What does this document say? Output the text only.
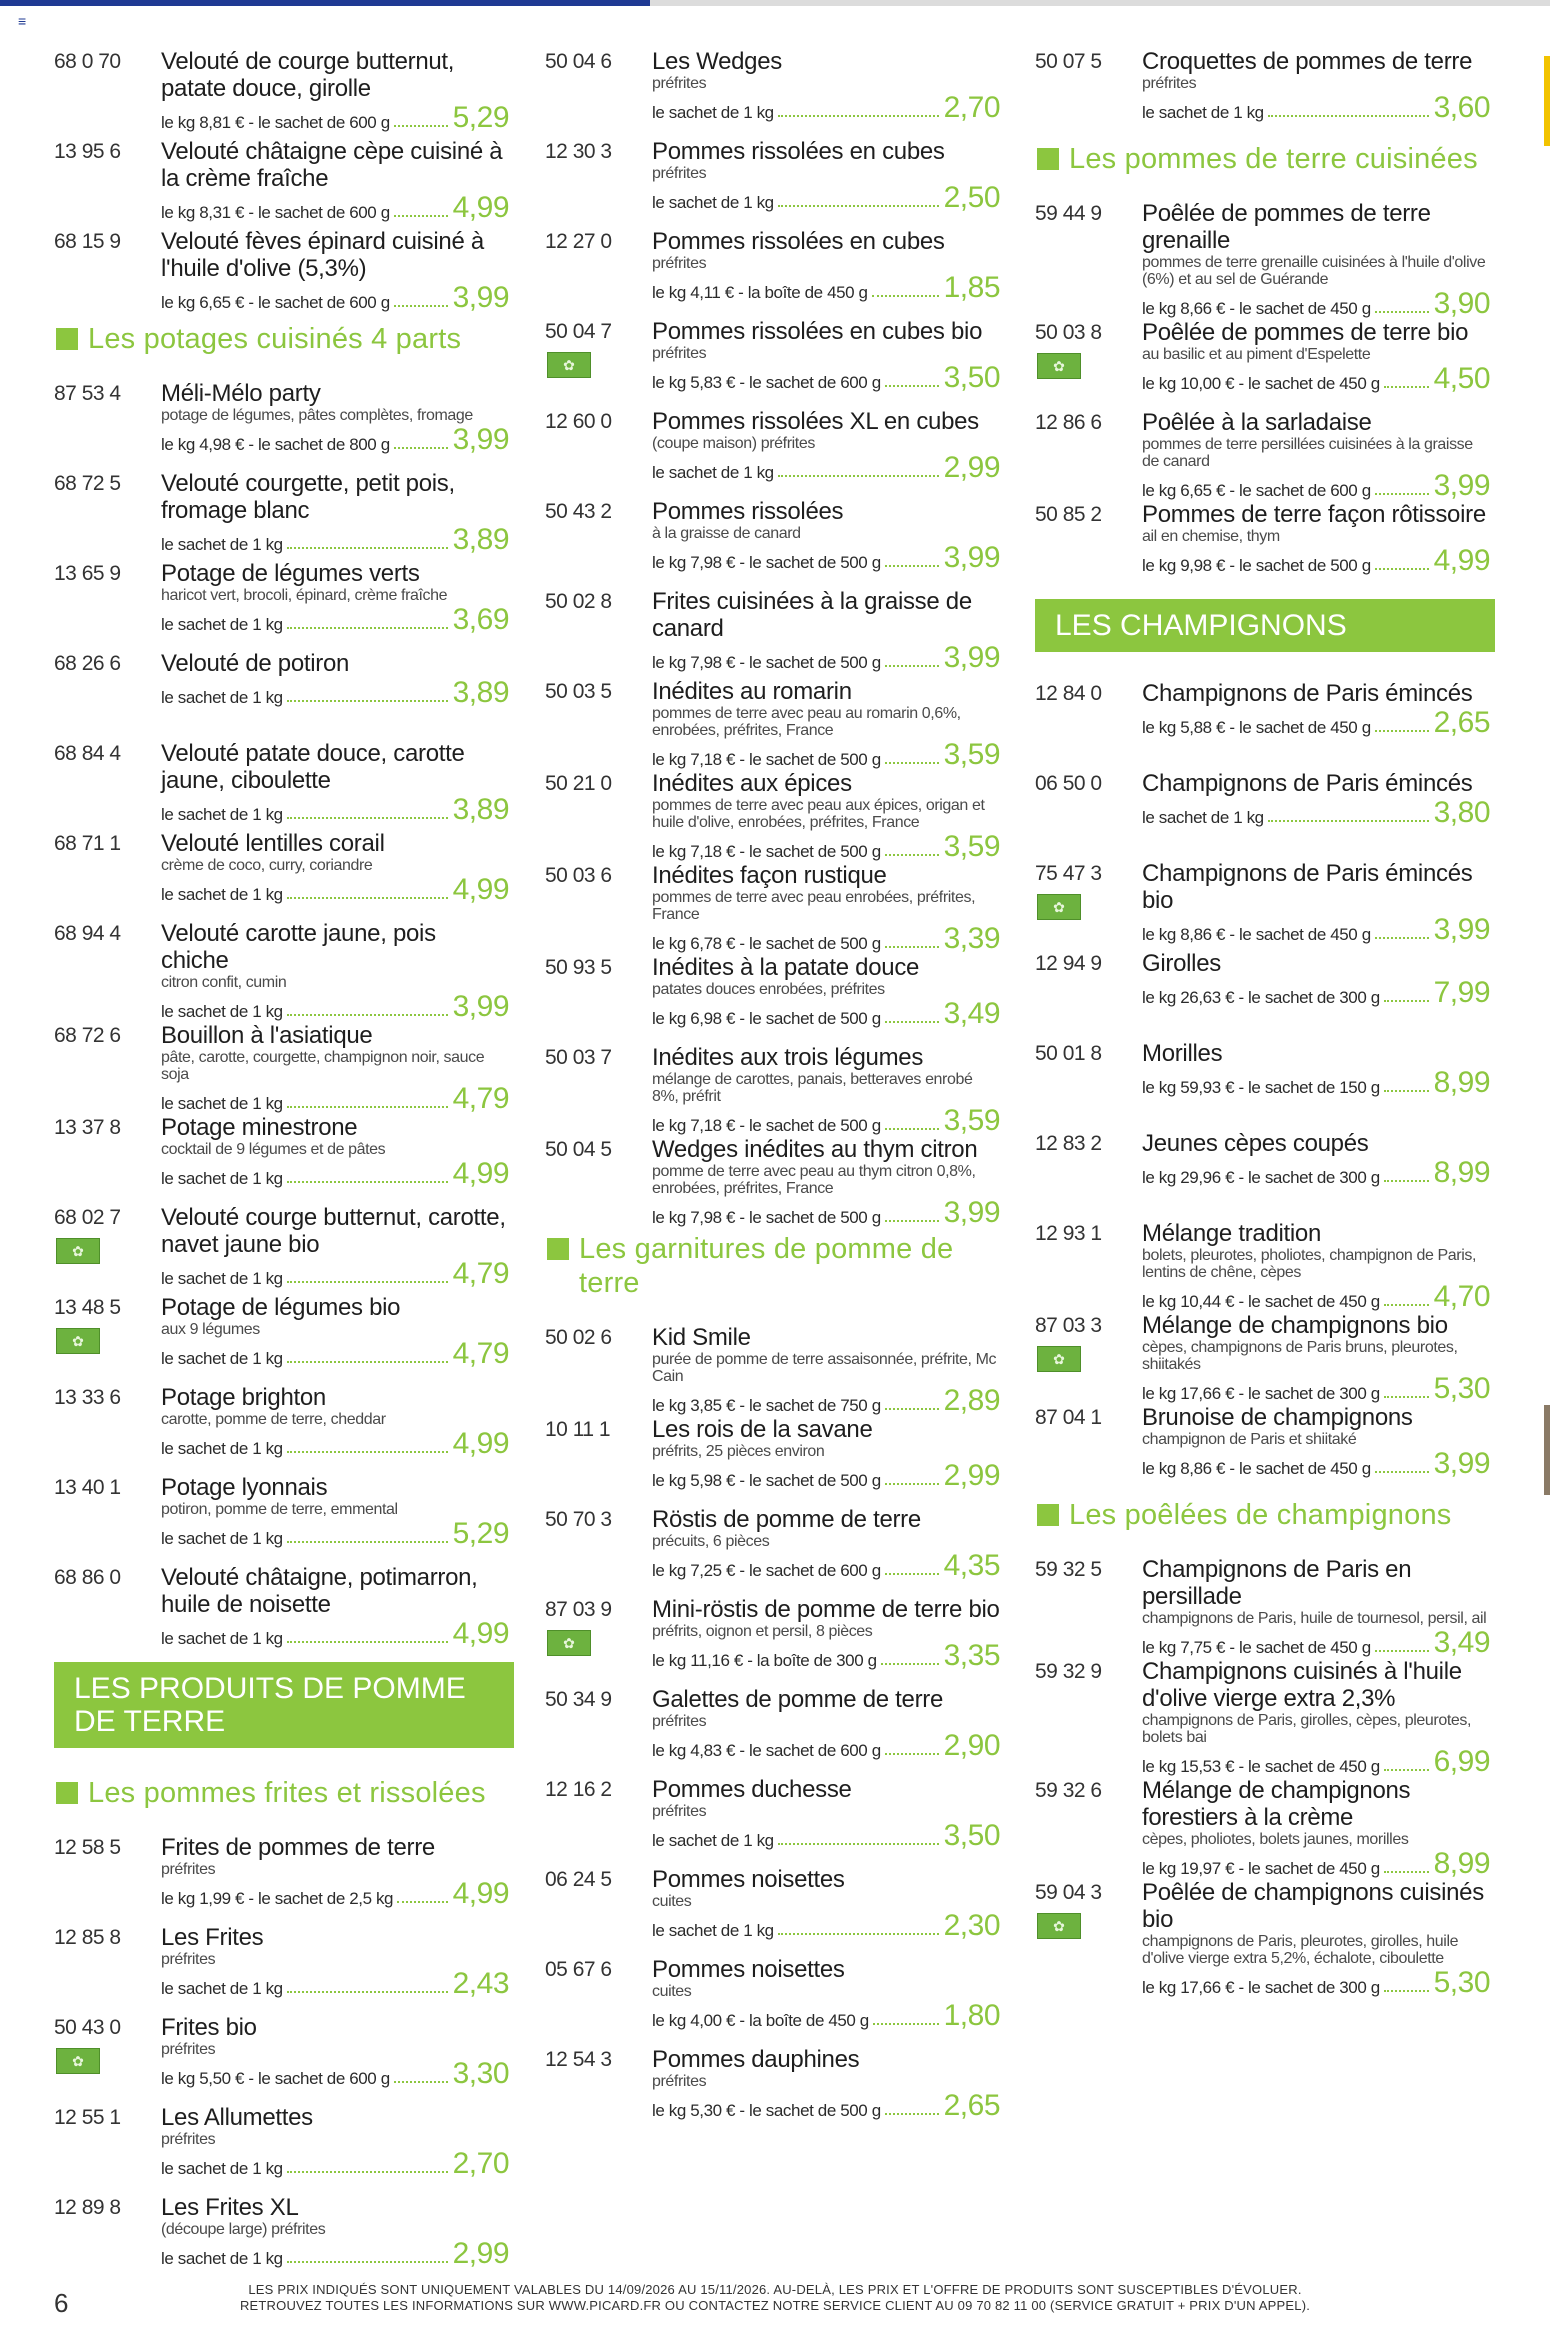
≡
68 0 70	Velouté de courge butternut, patate douce, girolle
le kg 8,81 € - le sachet de 600 g 5,29
13 95 6	Velouté châtaigne cèpe cuisiné à la crème fraîche
le kg 8,31 € - le sachet de 600 g 4,99
68 15 9	Velouté fèves épinard cuisiné à l'huile d'olive (5,3%)
le kg 6,65 € - le sachet de 600 g 3,99
Les potages cuisinés 4 parts
87 53 4	Méli-Mélo party
potage de légumes, pâtes complètes, fromage
le kg 4,98 € - le sachet de 800 g 3,99
68 72 5	Velouté courgette, petit pois, fromage blanc
le sachet de 1 kg	3,89
13 65 9	Potage de légumes verts
haricot vert, brocoli, épinard, crème fraîche
le sachet de 1 kg	3,69
68 26 6	Velouté de potiron
le sachet de 1 kg	3,89
68 84 4	Velouté patate douce, carotte jaune, ciboulette
le sachet de 1 kg	3,89
68 71 1	Velouté lentilles corail
crème de coco, curry, coriandre
le sachet de 1 kg	4,99
68 94 4	Velouté carotte jaune, pois chiche
citron confit, cumin
le sachet de 1 kg	3,99
68 72 6	Bouillon à l'asiatique
pâte, carotte, courgette, champignon noir, sauce soja
le sachet de 1 kg	4,79
13 37 8	Potage minestrone
cocktail de 9 légumes et de pâtes
le sachet de 1 kg	4,99
68 02 7
✿
Velouté courge butternut, carotte, navet jaune bio
le sachet de 1 kg	4,79
13 48 5
✿
Potage de légumes bio
aux 9 légumes
le sachet de 1 kg	4,79
13 33 6	Potage brighton
carotte, pomme de terre, cheddar
le sachet de 1 kg	4,99
13 40 1	Potage lyonnais
potiron, pomme de terre, emmental
le sachet de 1 kg	5,29
68 86 0	Velouté châtaigne, potimarron, huile de noisette
le sachet de 1 kg	4,99
LES PRODUITS DE POMME DE TERRE
Les pommes frites et rissolées
12 58 5	Frites de pommes de terre
préfrites
le kg 1,99 € - le sachet de 2,5 kg 4,99
12 85 8	Les Frites
préfrites
le sachet de 1 kg	2,43
50 43 0
✿
Frites bio
préfrites
le kg 5,50 € - le sachet de 600 g 3,30
12 55 1	Les Allumettes
préfrites
le sachet de 1 kg	2,70
12 89 8	Les Frites XL
(découpe large) préfrites
le sachet de 1 kg	2,99
50 04 6	Les Wedges
préfrites
le sachet de 1 kg	2,70
12 30 3	Pommes rissolées en cubes
préfrites
le sachet de 1 kg	2,50
12 27 0	Pommes rissolées en cubes
préfrites
le kg 4,11 € - la boîte de 450 g	1,85
50 04 7
✿
Pommes rissolées en cubes bio
préfrites
le kg 5,83 € - le sachet de 600 g 3,50
12 60 0	Pommes rissolées XL en cubes
(coupe maison) préfrites
le sachet de 1 kg	2,99
50 43 2	Pommes rissolées
à la graisse de canard
le kg 7,98 € - le sachet de 500 g 3,99
50 02 8	Frites cuisinées à la graisse de canard
le kg 7,98 € - le sachet de 500 g 3,99
50 03 5	Inédites au romarin
pommes de terre avec peau au romarin 0,6%, enrobées, préfrites, France
le kg 7,18 € - le sachet de 500 g 3,59
50 21 0	Inédites aux épices
pommes de terre avec peau aux épices, origan et huile d'olive, enrobées, préfrites, France
le kg 7,18 € - le sachet de 500 g 3,59
50 03 6	Inédites façon rustique
pommes de terre avec peau enrobées, préfrites, France
le kg 6,78 € - le sachet de 500 g 3,39
50 93 5	Inédites à la patate douce
patates douces enrobées, préfrites
le kg 6,98 € - le sachet de 500 g 3,49
50 03 7	Inédites aux trois légumes
mélange de carottes, panais, betteraves enrobé 8%, préfrit
le kg 7,18 € - le sachet de 500 g 3,59
50 04 5	Wedges inédites au thym citron
pomme de terre avec peau au thym citron 0,8%, enrobées, préfrites, France
le kg 7,98 € - le sachet de 500 g 3,99
Les garnitures de pomme de terre
50 02 6	Kid Smile
purée de pomme de terre assaisonnée, préfrite, Mc Cain
le kg 3,85 € - le sachet de 750 g 2,89
10 11 1	Les rois de la savane
préfrits, 25 pièces environ
le kg 5,98 € - le sachet de 500 g 2,99
50 70 3	Röstis de pomme de terre
précuits, 6 pièces
le kg 7,25 € - le sachet de 600 g 4,35
87 03 9
✿
Mini-röstis de pomme de terre bio
préfrits, oignon et persil, 8 pièces
le kg 11,16 € - la boîte de 300 g 3,35
50 34 9	Galettes de pomme de terre
préfrites
le kg 4,83 € - le sachet de 600 g 2,90
12 16 2	Pommes duchesse
préfrites
le sachet de 1 kg	3,50
06 24 5	Pommes noisettes
cuites
le sachet de 1 kg	2,30
05 67 6	Pommes noisettes
cuites
le kg 4,00 € - la boîte de 450 g 1,80
12 54 3	Pommes dauphines
préfrites
le kg 5,30 € - le sachet de 500 g 2,65
50 07 5	Croquettes de pommes de terre
préfrites
le sachet de 1 kg	3,60
Les pommes de terre cuisinées
59 44 9	Poêlée de pommes de terre grenaille
pommes de terre grenaille cuisinées à l'huile d'olive (6%) et au sel de Guérande
le kg 8,66 € - le sachet de 450 g 3,90
50 03 8
✿
Poêlée de pommes de terre bio
au basilic et au piment d'Espelette
le kg 10,00 € - le sachet de 450 g 4,50
12 86 6	Poêlée à la sarladaise
pommes de terre persillées cuisinées à la graisse de canard
le kg 6,65 € - le sachet de 600 g 3,99
50 85 2	Pommes de terre façon rôtissoire
ail en chemise, thym
le kg 9,98 € - le sachet de 500 g 4,99
LES CHAMPIGNONS
12 84 0	Champignons de Paris émincés
le kg 5,88 € - le sachet de 450 g 2,65
06 50 0	Champignons de Paris émincés
le sachet de 1 kg	3,80
75 47 3
✿
Champignons de Paris émincés bio
le kg 8,86 € - le sachet de 450 g 3,99
12 94 9	Girolles
le kg 26,63 € - le sachet de 300 g 7,99
50 01 8	Morilles
le kg 59,93 € - le sachet de 150 g 8,99
12 83 2	Jeunes cèpes coupés
le kg 29,96 € - le sachet de 300 g 8,99
12 93 1	Mélange tradition
bolets, pleurotes, pholiotes, champignon de Paris, lentins de chêne, cèpes
le kg 10,44 € - le sachet de 450 g 4,70
87 03 3
✿
Mélange de champignons bio
cèpes, champignons de Paris bruns, pleurotes, shiitakés
le kg 17,66 € - le sachet de 300 g 5,30
87 04 1	Brunoise de champignons
champignon de Paris et shiitaké
le kg 8,86 € - le sachet de 450 g 3,99
Les poêlées de champignons
59 32 5	Champignons de Paris en persillade
champignons de Paris, huile de tournesol, persil, ail
le kg 7,75 € - le sachet de 450 g 3,49
59 32 9	Champignons cuisinés à l'huile d'olive vierge extra 2,3%
champignons de Paris, girolles, cèpes, pleurotes, bolets bai
le kg 15,53 € - le sachet de 450 g 6,99
59 32 6	Mélange de champignons forestiers à la crème
cèpes, pholiotes, bolets jaunes, morilles
le kg 19,97 € - le sachet de 450 g 8,99
59 04 3
✿
Poêlée de champignons cuisinés bio
champignons de Paris, pleurotes, girolles, huile d'olive vierge extra 5,2%, échalote, ciboulette
le kg 17,66 € - le sachet de 300 g 5,30
6	LES PRIX INDIQUÉS SONT UNIQUEMENT VALABLES DU 14/09/2026 AU 15/11/2026. AU-DELÀ, LES PRIX ET L'OFFRE DE PRODUITS SONT SUSCEPTIBLES D'ÉVOLUER.
RETROUVEZ TOUTES LES INFORMATIONS SUR WWW.PICARD.FR OU CONTACTEZ NOTRE SERVICE CLIENT AU 09 70 82 11 00 (SERVICE GRATUIT + PRIX D'UN APPEL).
